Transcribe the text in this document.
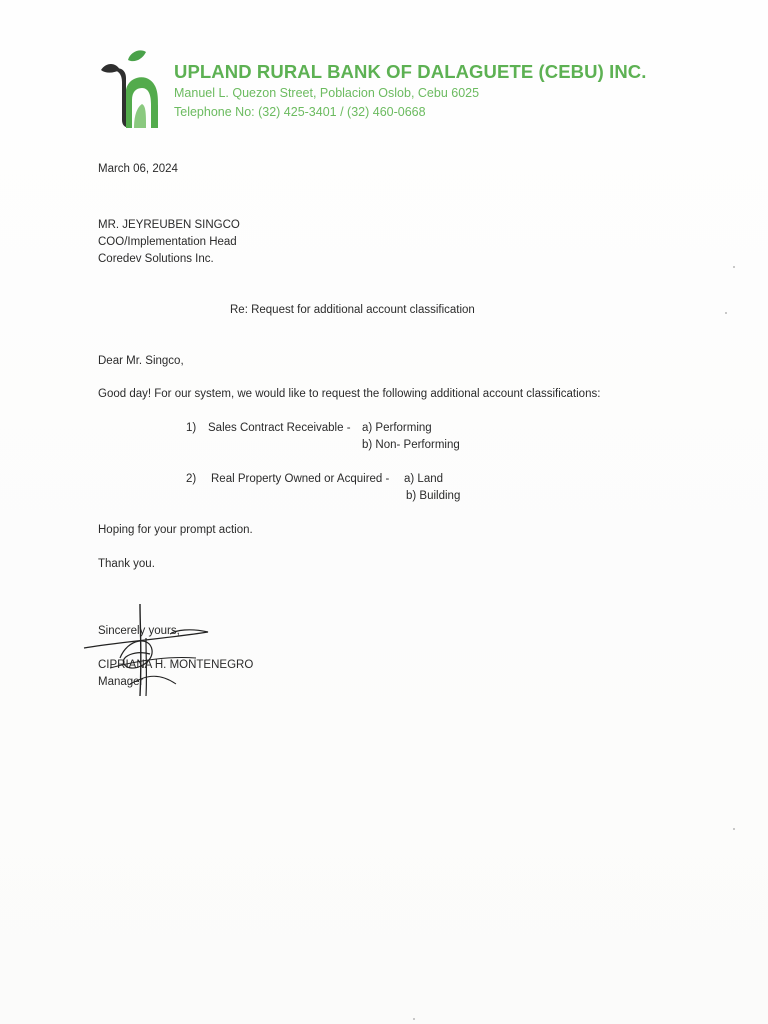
UPLAND RURAL BANK OF DALAGUETE (CEBU) INC.
Manuel L. Quezon Street, Poblacion Oslob, Cebu 6025
Telephone No: (32) 425-3401 / (32) 460-0668
March 06, 2024
MR. JEYREUBEN SINGCO
COO/Implementation Head
Coredev Solutions Inc.
Re: Request for additional account classification
Dear Mr. Singco,
Good day! For our system, we would like to request the following additional account classifications:
1) Sales Contract Receivable - a) Performing
b) Non- Performing
2) Real Property Owned or Acquired - a) Land
b) Building
Hoping for your prompt action.
Thank you.
Sincerely yours,
CIPRIANA H. MONTENEGRO
Manager
